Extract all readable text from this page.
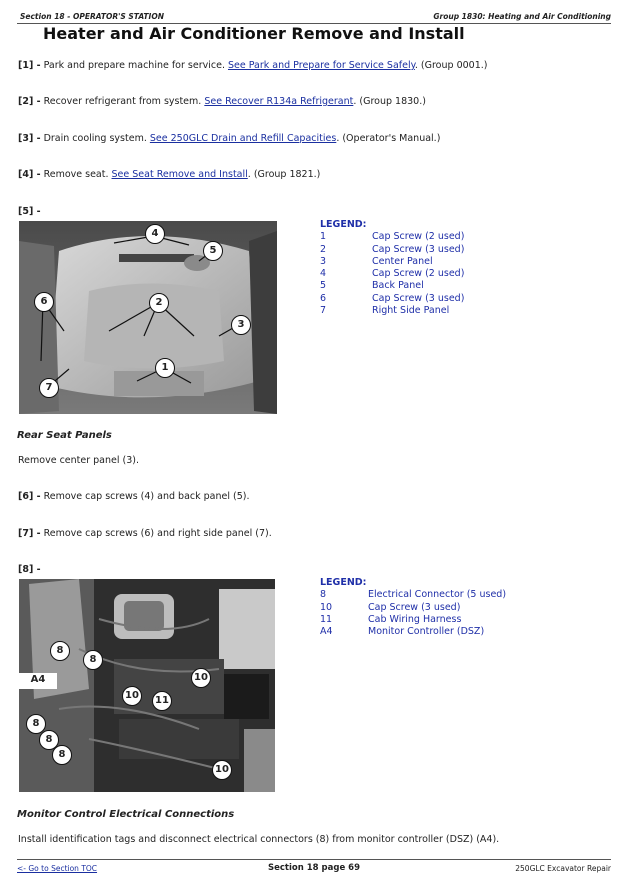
Section 18 - OPERATOR'S STATION	Group 1830: Heating and Air Conditioning
Heater and Air Conditioner Remove and Install
[1] - Park and prepare machine for service. See Park and Prepare for Service Safely. (Group 0001.)
[2] - Recover refrigerant from system. See Recover R134a Refrigerant. (Group 1830.)
[3] - Drain cooling system. See 250GLC Drain and Refill Capacities. (Operator's Manual.)
[4] - Remove seat. See Seat Remove and Install. (Group 1821.)
[5] -
4
5
6	2
3
1
7
LEGEND:
1	Cap Screw (2 used)
2	Cap Screw (3 used)
3	Center Panel
4	Cap Screw (2 used)
5	Back Panel
6	Cap Screw (3 used)
7	Right Side Panel
Rear Seat Panels
Remove center panel (3).
[6] - Remove cap screws (4) and back panel (5).
[7] - Remove cap screws (6) and right side panel (7).
[8] -
8
8
10	11
10
8
8
8
10
A4
LEGEND:
8	Electrical Connector (5 used)
10	Cap Screw (3 used)
11	Cab Wiring Harness
A4	Monitor Controller (DSZ)
Monitor Control Electrical Connections
Install identification tags and disconnect electrical connectors (8) from monitor controller (DSZ) (A4).
<- Go to Section TOC	Section 18 page 69	250GLC Excavator Repair
